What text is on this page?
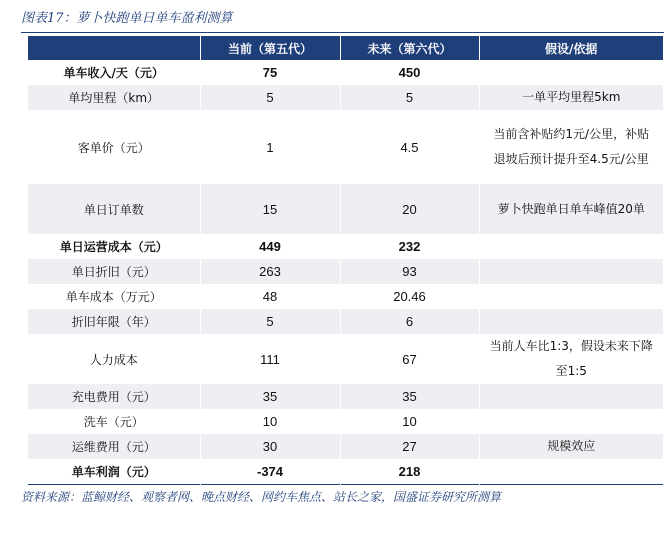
图表17：萝卜快跑单日单车盈利测算
	当前（第五代）	未来（第六代）	假设/依据
单车收入/天（元）	75	450	
单均里程（km）	5	5	一单平均里程5km
客单价（元）	1	4.5	当前含补贴约1元/公里，补贴退坡后预计提升至4.5元/公里
单日订单数	15	20	萝卜快跑单日单车峰值20单
单日运营成本（元）	449	232	
单日折旧（元）	263	93	
单车成本（万元）	48	20.46	
折旧年限（年）	5	6	
人力成本	111	67	当前人车比1:3，假设未来下降至1:5
充电费用（元）	35	35	
洗车（元）	10	10	
运维费用（元）	30	27	规模效应
单车利润（元）	-374	218	
资料来源：蓝鲸财经、观察者网、晚点财经、网约车焦点、站长之家，国盛证券研究所测算
